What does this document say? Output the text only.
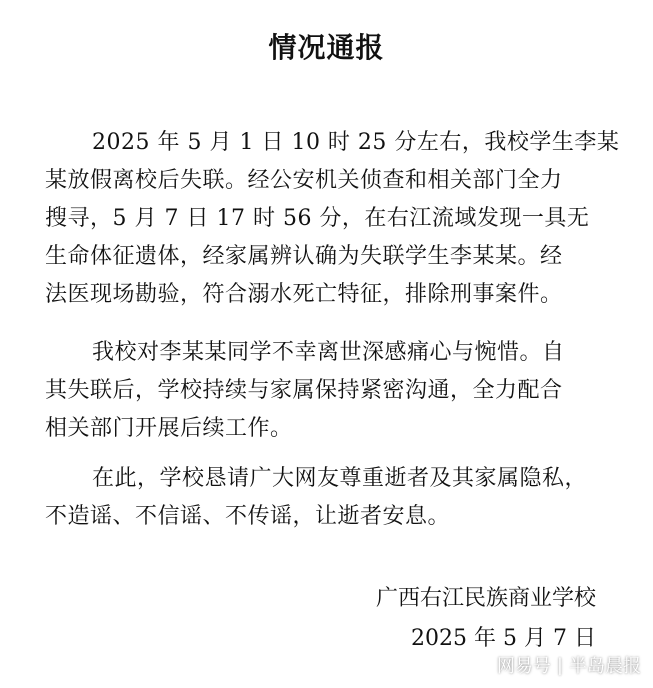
情况通报
2025 年 5 月 1 日 10 时 25 分左右，我校学生李某
某放假离校后失联。经公安机关侦查和相关部门全力
搜寻，5 月 7 日 17 时 56 分，在右江流域发现一具无
生命体征遗体，经家属辨认确为失联学生李某某。经
法医现场勘验，符合溺水死亡特征，排除刑事案件。
我校对李某某同学不幸离世深感痛心与惋惜。自
其失联后，学校持续与家属保持紧密沟通，全力配合
相关部门开展后续工作。
在此，学校恳请广大网友尊重逝者及其家属隐私，
不造谣、不信谣、不传谣，让逝者安息。
广西右江民族商业学校
2025 年 5 月 7 日
网易号 | 半岛晨报
